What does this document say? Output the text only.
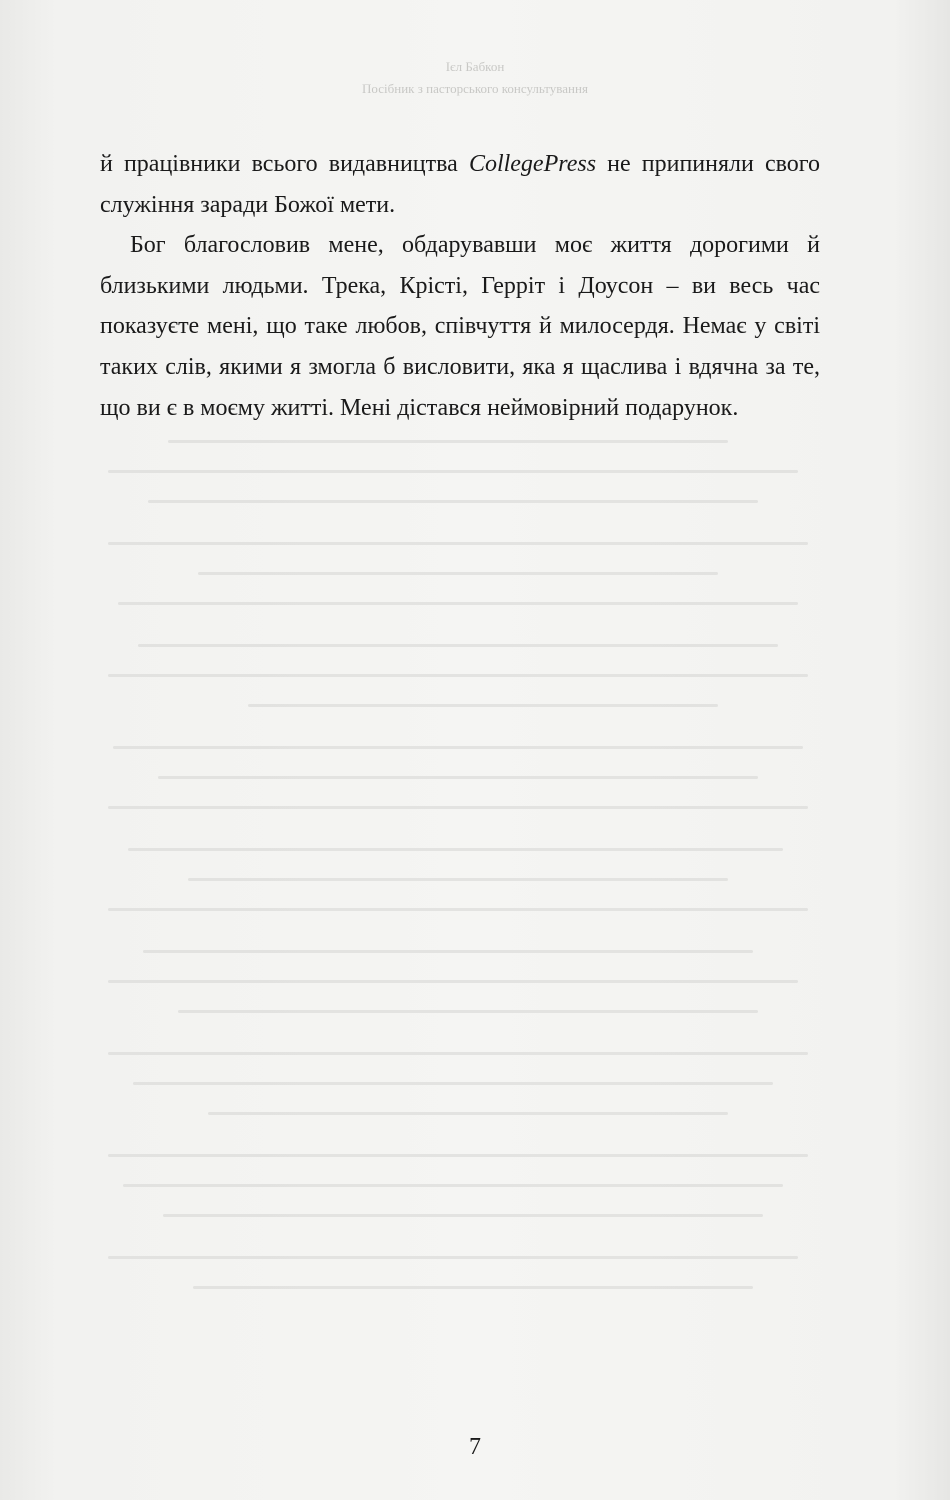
Ієл Бабкон
Посібник з пасторського консультування

й працівники всього видавництва CollegePress не припиняли свого служіння заради Божої мети.

Бог благословив мене, обдарувавши моє життя дорогими й близькими людьми. Трека, Крісті, Герріт і Доусон – ви весь час показуєте мені, що таке любов, співчуття й милосердя. Немає у світі таких слів, якими я змогла б висловити, яка я щаслива і вдячна за те, що ви є в моєму житті. Мені дістався неймовірний подарунок.

7
